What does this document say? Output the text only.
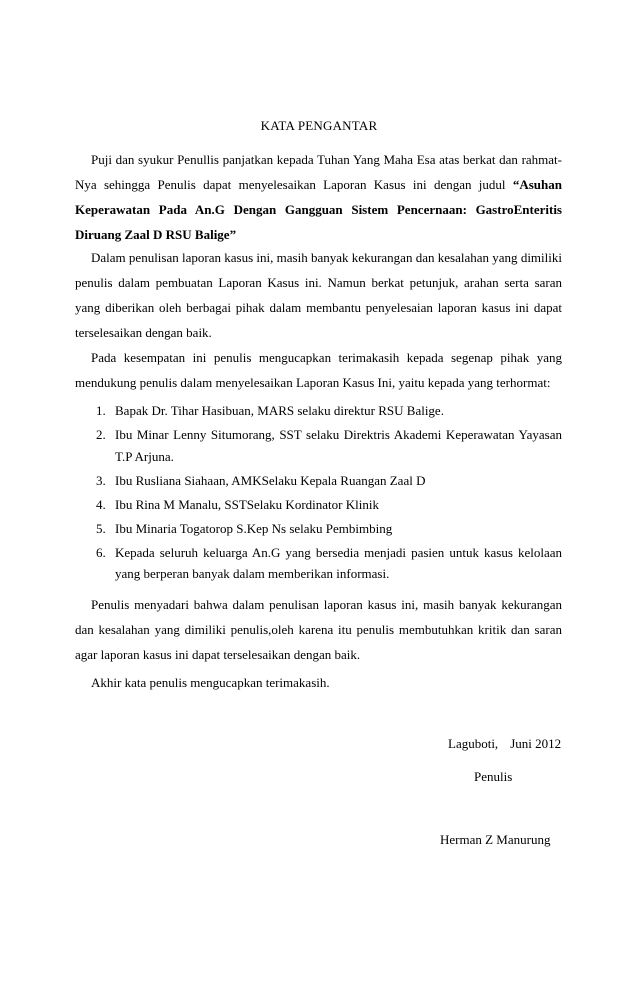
KATA PENGANTAR

Puji dan syukur Penullis panjatkan kepada Tuhan Yang Maha Esa atas berkat dan rahmat-Nya sehingga Penulis dapat menyelesaikan Laporan Kasus ini dengan judul “Asuhan Keperawatan Pada An.G Dengan Gangguan Sistem Pencernaan: GastroEnteritis Diruang Zaal D RSU Balige”

Dalam penulisan laporan kasus ini, masih banyak kekurangan dan kesalahan yang dimiliki penulis dalam pembuatan Laporan Kasus ini. Namun berkat petunjuk, arahan serta saran yang diberikan oleh berbagai pihak dalam membantu penyelesaian laporan kasus ini dapat terselesaikan dengan baik.

Pada kesempatan ini penulis mengucapkan terimakasih kepada segenap pihak yang mendukung penulis dalam menyelesaikan Laporan Kasus Ini, yaitu kepada yang terhormat:

1. Bapak Dr. Tihar Hasibuan, MARS selaku direktur RSU Balige.
2. Ibu Minar Lenny Situmorang, SST selaku Direktris Akademi Keperawatan Yayasan T.P Arjuna.
3. Ibu Rusliana Siahaan, AMKSelaku Kepala Ruangan Zaal D
4. Ibu Rina M Manalu, SSTSelaku Kordinator Klinik
5. Ibu Minaria Togatorop S.Kep Ns selaku Pembimbing
6. Kepada seluruh keluarga An.G yang bersedia menjadi pasien untuk kasus kelolaan yang berperan banyak dalam memberikan informasi.

Penulis menyadari bahwa dalam penulisan laporan kasus ini, masih banyak kekurangan dan kesalahan yang dimiliki penulis,oleh karena itu penulis membutuhkan kritik dan saran agar laporan kasus ini dapat terselesaikan dengan baik.

Akhir kata penulis mengucapkan terimakasih.

Laguboti, Juni 2012
Penulis
Herman Z Manurung
